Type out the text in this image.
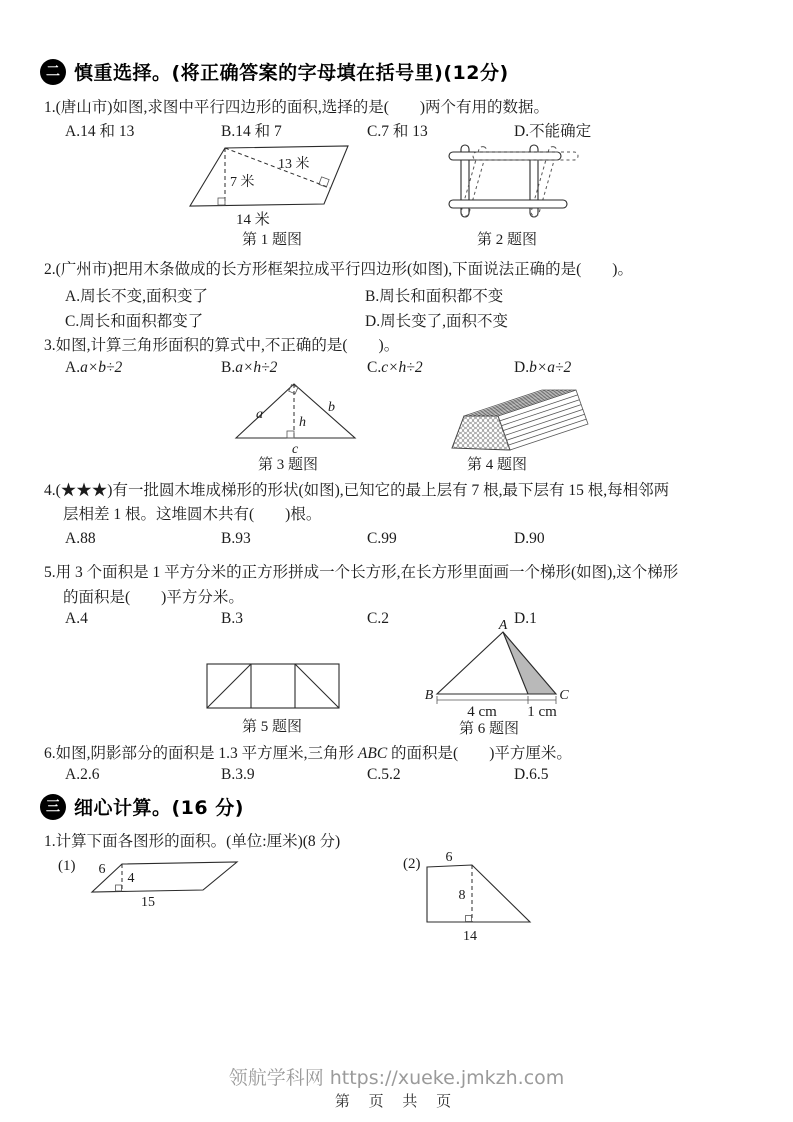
二 慎重选择。(将正确答案的字母填在括号里)(12分)
1.(唐山市)如图,求图中平行四边形的面积,选择的是(　　)两个有用的数据。
A.14 和 13	B.14 和 7	C.7 和 13	D.不能确定
7 米
13 米
14 米
第 1 题图	第 2 题图
2.(广州市)把用木条做成的长方形框架拉成平行四边形(如图),下面说法正确的是(　　)。
A.周长不变,面积变了	B.周长和面积都不变
C.周长和面积都变了	D.周长变了,面积不变
3.如图,计算三角形面积的算式中,不正确的是(　　)。
A.a×b÷2	B.a×h÷2	C.c×h÷2	D.b×a÷2
a	b
h
c
第 3 题图	第 4 题图
4.(★★★)有一批圆木堆成梯形的形状(如图),已知它的最上层有 7 根,最下层有 15 根,每相邻两
层相差 1 根。这堆圆木共有(　　)根。
A.88	B.93	C.99	D.90
5.用 3 个面积是 1 平方分米的正方形拼成一个长方形,在长方形里面画一个梯形(如图),这个梯形
的面积是(　　)平方分米。
A.4	B.3	C.2	D.1
第 5 题图
A
B	C
4 cm 1 cm
第 6 题图
6.如图,阴影部分的面积是 1.3 平方厘米,三角形 ABC 的面积是(　　)平方厘米。
A.2.6	B.3.9	C.5.2	D.6.5
三 细心计算。(16 分)
1.计算下面各图形的面积。(单位:厘米)(8 分)
(1) 6
4
15
(2) 6
8
14
领航学科网 https://xueke.jmkzh.com
第 页 共 页
